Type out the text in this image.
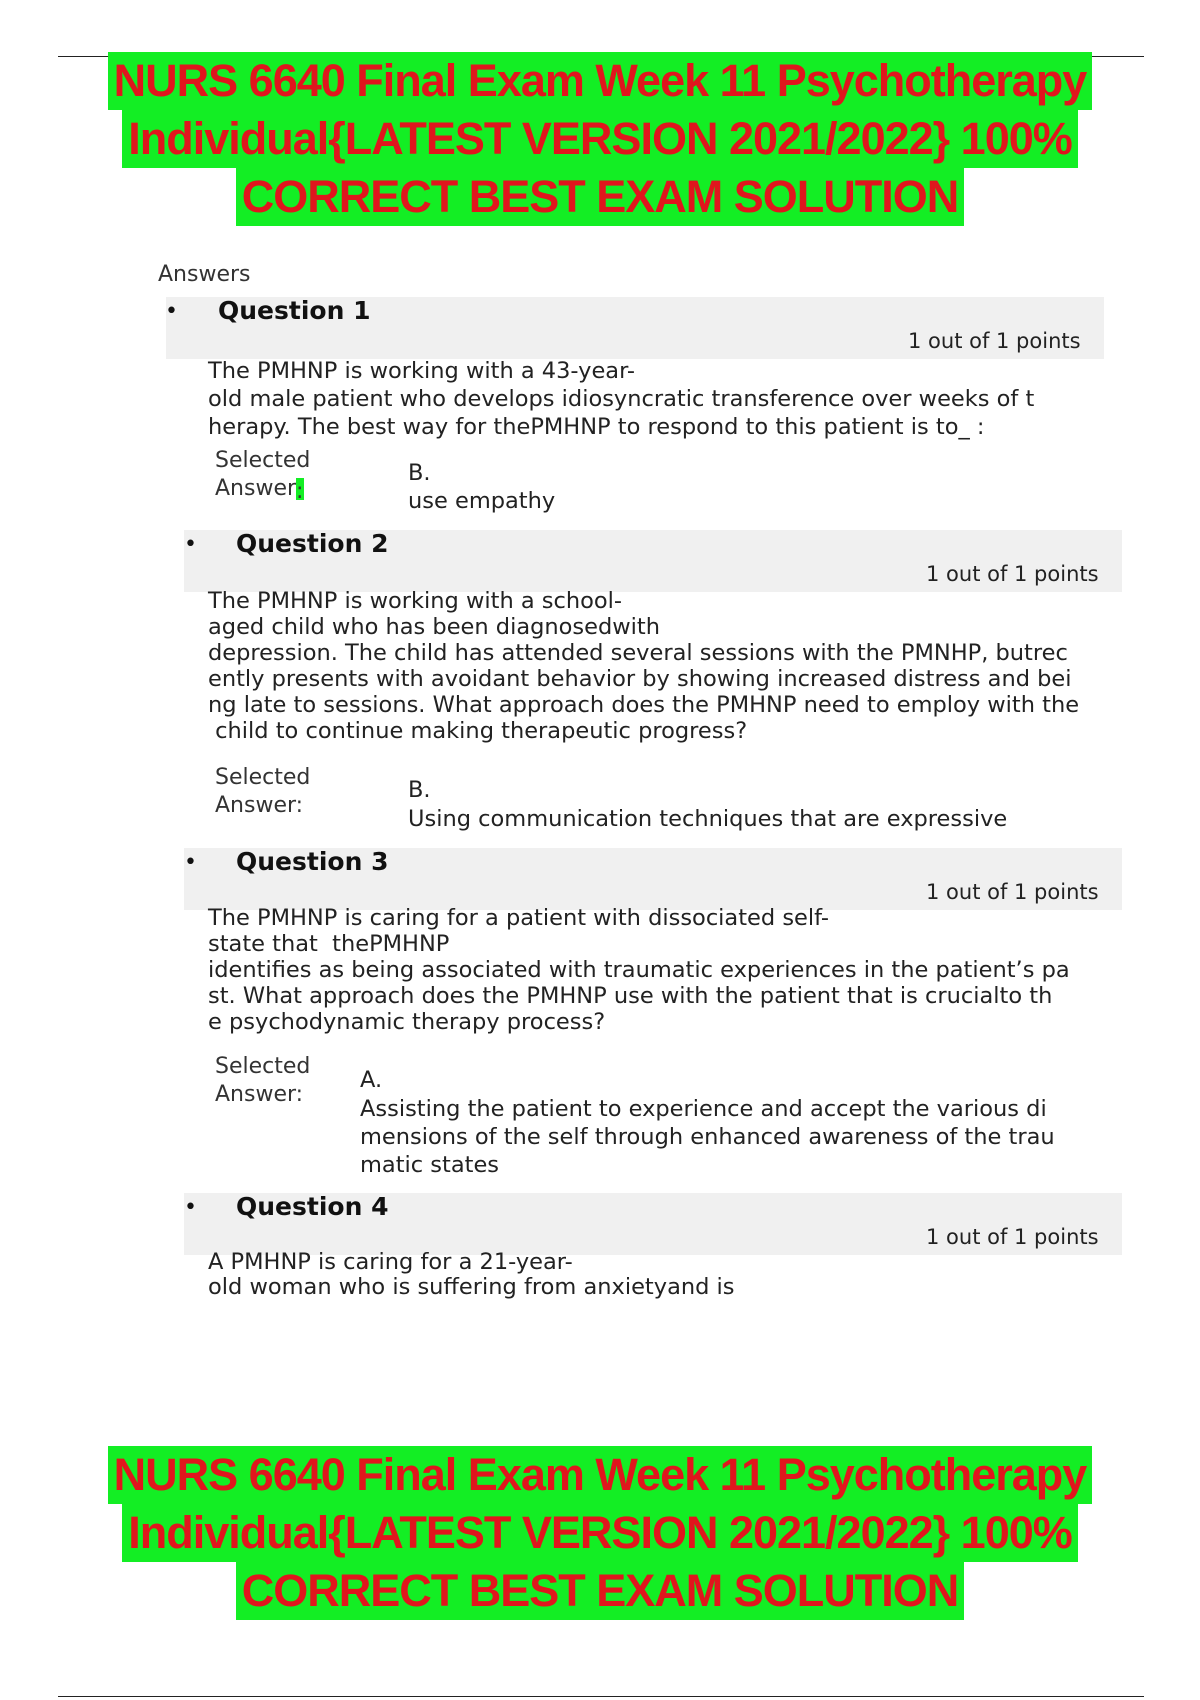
NURS 6640 Final Exam Week 11 Psychotherapy
Individual{LATEST VERSION 2021/2022} 100%
CORRECT BEST EXAM SOLUTION
Answers
• Question 1
1 out of 1 points
The PMHNP is working with a 43-year-
old male patient who develops idiosyncratic transference over weeks of t
herapy. The best way for thePMHNP to respond to this patient is to_ :
Selected
Answer:
B.
use empathy
• Question 2
1 out of 1 points
The PMHNP is working with a school-
aged child who has been diagnosedwith
depression. The child has attended several sessions with the PMNHP, butrec
ently presents with avoidant behavior by showing increased distress and bei
ng late to sessions. What approach does the PMHNP need to employ with the
child to continue making therapeutic progress?
Selected
Answer:
B.
Using communication techniques that are expressive
• Question 3
1 out of 1 points
The PMHNP is caring for a patient with dissociated self-
state that  thePMHNP
identifies as being associated with traumatic experiences in the patient’s pa
st. What approach does the PMHNP use with the patient that is crucialto th
e psychodynamic therapy process?
Selected
Answer:
A.
Assisting the patient to experience and accept the various di
mensions of the self through enhanced awareness of the trau
matic states
• Question 4
1 out of 1 points
A PMHNP is caring for a 21-year-
old woman who is suffering from anxietyand is
NURS 6640 Final Exam Week 11 Psychotherapy
Individual{LATEST VERSION 2021/2022} 100%
CORRECT BEST EXAM SOLUTION
